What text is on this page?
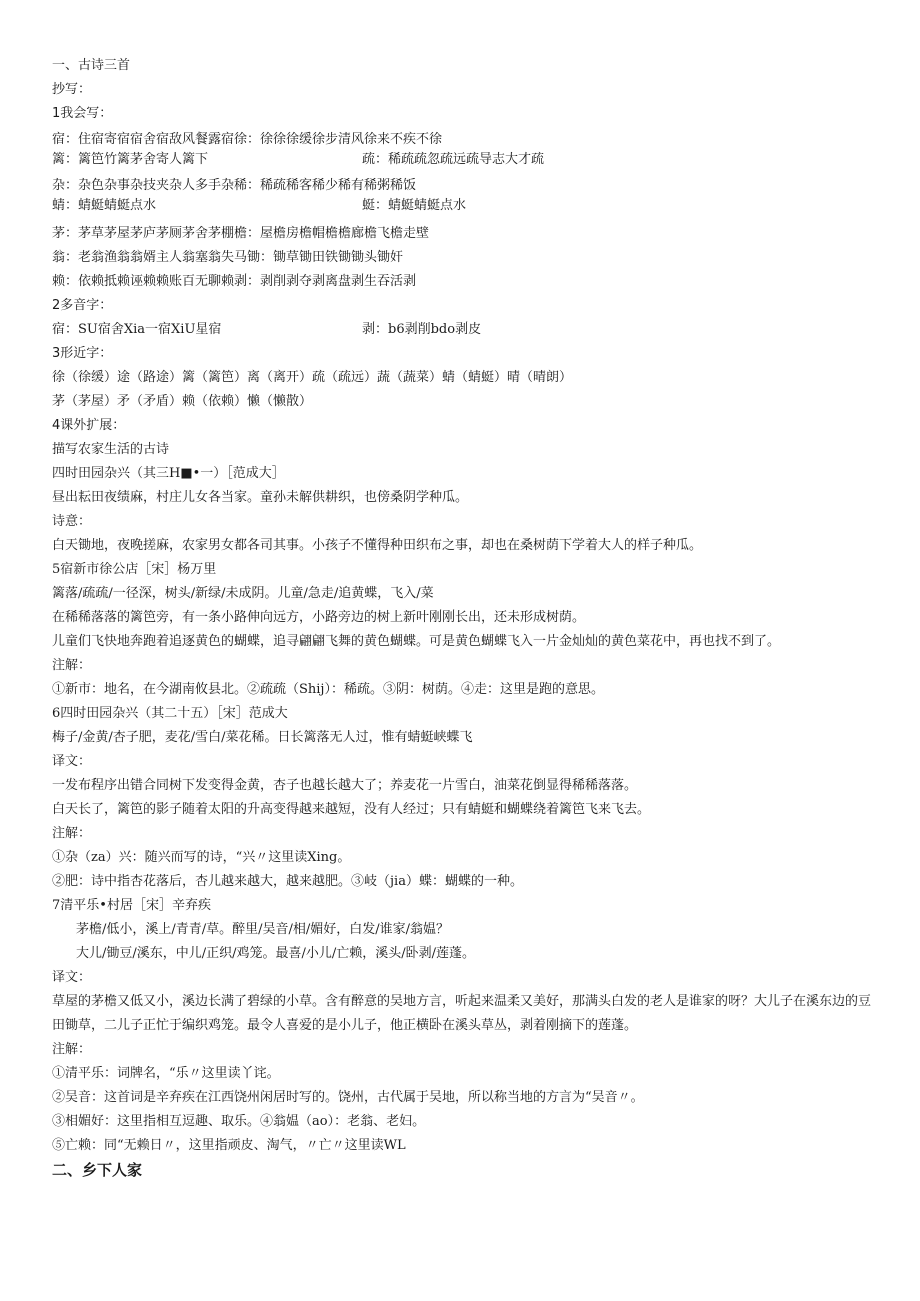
一、古诗三首
抄写：
1我会写：
宿：住宿寄宿宿舍宿敌风餐露宿徐：徐徐徐缓徐步清风徐来不疾不徐
篱：篱笆竹篱茅舍寄人篱下	疏：稀疏疏忽疏远疏导志大才疏
杂：杂色杂事杂技夹杂人多手杂稀：稀疏稀客稀少稀有稀粥稀饭
蜻：蜻蜓蜻蜓点水	蜓：蜻蜓蜻蜓点水
茅：茅草茅屋茅庐茅厕茅舍茅棚檐：屋檐房檐帽檐檐廊檐飞檐走壁
翁：老翁渔翁翁婿主人翁塞翁失马锄：锄草锄田铁锄锄头锄奸
赖：依赖抵赖诬赖赖账百无聊赖剥：剥削剥夺剥离盘剥生吞活剥
2多音字：
宿：SU宿舍Xia一宿XiU星宿	剥：b6剥削bdo剥皮
3形近字：
徐（徐缓）途（路途）篱（篱笆）离（离开）疏（疏远）蔬（蔬菜）蜻（蜻蜓）晴（晴朗）
茅（茅屋）矛（矛盾）赖（依赖）懒（懒散）
4课外扩展：
描写农家生活的古诗
四时田园杂兴（其三H■•一）［范成大］
昼出耘田夜绩麻，村庄儿女各当家。童孙未解供耕织，也傍桑阴学种瓜。
诗意：
白天锄地，夜晚搓麻，农家男女都各司其事。小孩子不懂得种田织布之事，却也在桑树荫下学着大人的样子种瓜。
5宿新市徐公店［宋］杨万里
篱落/疏疏/一径深，树头/新绿/未成阴。儿童/急走/追黄蝶，飞入/菜
在稀稀落落的篱笆旁，有一条小路伸向远方，小路旁边的树上新叶刚刚长出，还未形成树荫。
儿童们飞快地奔跑着追逐黄色的蝴蝶，追寻翩翩飞舞的黄色蝴蝶。可是黄色蝴蝶飞入一片金灿灿的黄色菜花中，再也找不到了。
注解：
①新市：地名，在今湖南攸县北。②疏疏（Shij）：稀疏。③阴：树荫。④走：这里是跑的意思。
6四时田园杂兴（其二十五）［宋］范成大
梅子/金黄/杏子肥，麦花/雪白/菜花稀。日长篱落无人过，惟有蜻蜓峡蝶飞
译文：
一发布程序出错合同树下发变得金黄，杏子也越长越大了；养麦花一片雪白，油菜花倒显得稀稀落落。
白天长了，篱笆的影子随着太阳的升高变得越来越短，没有人经过；只有蜻蜓和蝴蝶绕着篱笆飞来飞去。
注解：
①杂（za）兴：随兴而写的诗，“兴〃这里读Xing。
②肥：诗中指杏花落后，杏儿越来越大，越来越肥。③岐（jia）蝶：蝴蝶的一种。
7清平乐•村居［宋］辛弃疾
茅檐/低小，溪上/青青/草。醉里/吴音/相/媚好，白发/谁家/翁媪？
大儿/锄豆/溪东，中儿/正织/鸡笼。最喜/小儿/亡赖，溪头/卧剥/莲蓬。
译文：
草屋的茅檐又低又小，溪边长满了碧绿的小草。含有醉意的吴地方言，听起来温柔又美好，那满头白发的老人是谁家的呀？大儿子在溪东边的豆田锄草，二儿子正忙于编织鸡笼。最令人喜爱的是小儿子，他正横卧在溪头草丛，剥着刚摘下的莲蓬。
注解：
①清平乐：词牌名，“乐〃这里读丫诧。
②吴音：这首词是辛弃疾在江西饶州闲居时写的。饶州，古代属于吴地，所以称当地的方言为“吴音〃。
③相媚好：这里指相互逗趣、取乐。④翁媪（ao）：老翁、老妇。
⑤亡赖：同“无赖日〃，这里指顽皮、淘气，〃亡〃这里读WL
二、乡下人家
